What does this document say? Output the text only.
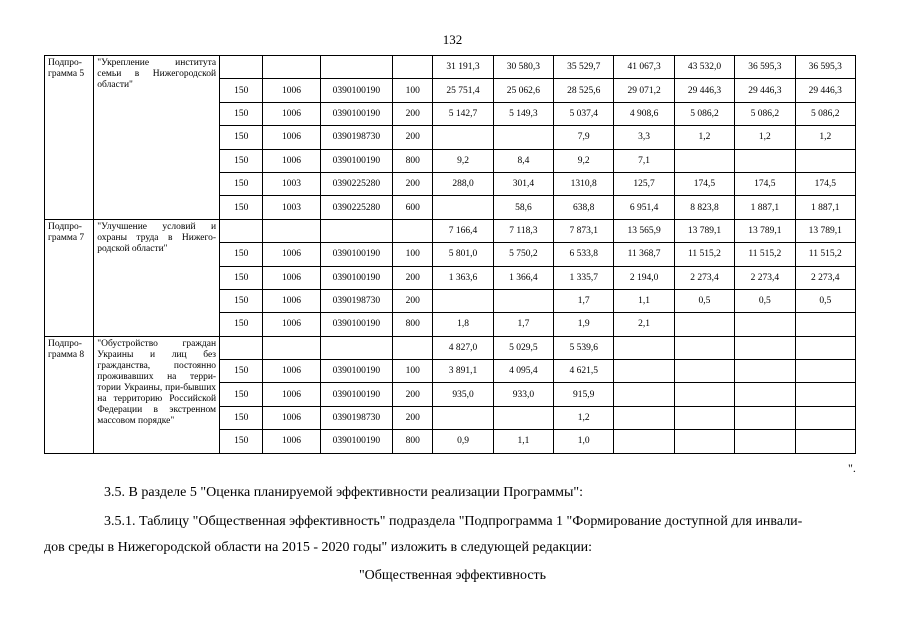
132
Подпро- грамма 5	"Укрепление института семьи в Нижегородской области"					31 191,3	30 580,3	35 529,7	41 067,3	43 532,0	36 595,3	36 595,3
		150	1006	0390100190	100	25 751,4	25 062,6	28 525,6	29 071,2	29 446,3	29 446,3	29 446,3
		150	1006	0390100190	200	5 142,7	5 149,3	5 037,4	4 908,6	5 086,2	5 086,2	5 086,2
		150	1006	0390198730	200			7,9	3,3	1,2	1,2	1,2
		150	1006	0390100190	800	9,2	8,4	9,2	7,1			
		150	1003	0390225280	200	288,0	301,4	1310,8	125,7	174,5	174,5	174,5
		150	1003	0390225280	600		58,6	638,8	6 951,4	8 823,8	1 887,1	1 887,1
Подпро- грамма 7	"Улучшение условий и охраны труда в Нижего-родской области"					7 166,4	7 118,3	7 873,1	13 565,9	13 789,1	13 789,1	13 789,1
		150	1006	0390100190	100	5 801,0	5 750,2	6 533,8	11 368,7	11 515,2	11 515,2	11 515,2
		150	1006	0390100190	200	1 363,6	1 366,4	1 335,7	2 194,0	2 273,4	2 273,4	2 273,4
		150	1006	0390198730	200			1,7	1,1	0,5	0,5	0,5
		150	1006	0390100190	800	1,8	1,7	1,9	2,1			
Подпро- грамма 8	"Обустройство граждан Украины и лиц без гражданства, постоянно проживавших на терри-тории Украины, при-бывших на территорию Российской Федерации в экстренном массовом порядке"					4 827,0	5 029,5	5 539,6				
		150	1006	0390100190	100	3 891,1	4 095,4	4 621,5				
		150	1006	0390100190	200	935,0	933,0	915,9				
		150	1006	0390198730	200			1,2				
		150	1006	0390100190	800	0,9	1,1	1,0				
".
3.5. В разделе 5 "Оценка планируемой эффективности реализации Программы":
3.5.1. Таблицу "Общественная эффективность" подраздела "Подпрограмма 1 "Формирование доступной для инвали-
дов среды в Нижегородской области на 2015 - 2020 годы" изложить в следующей редакции:
"Общественная эффективность
